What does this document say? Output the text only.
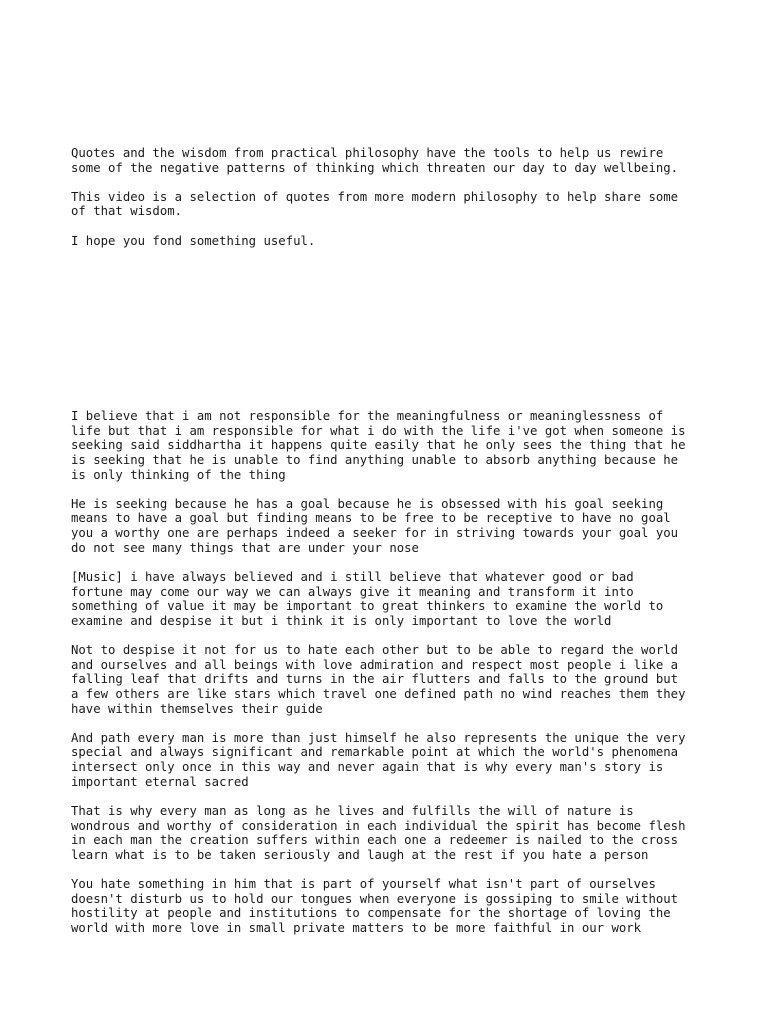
Quotes and the wisdom from practical philosophy have the tools to help us rewire

some of the negative patterns of thinking which threaten our day to day wellbeing.

This video is a selection of quotes from more modern philosophy to help share some

of that wisdom.

I hope you fond something useful.

I believe that i am not responsible for the meaningfulness or meaninglessness of

life but that i am responsible for what i do with the life i've got when someone is

seeking said siddhartha it happens quite easily that he only sees the thing that he

is seeking that he is unable to find anything unable to absorb anything because he

is only thinking of the thing

He is seeking because he has a goal because he is obsessed with his goal seeking

means to have a goal but finding means to be free to be receptive to have no goal

you a worthy one are perhaps indeed a seeker for in striving towards your goal you

do not see many things that are under your nose

[Music] i have always believed and i still believe that whatever good or bad

fortune may come our way we can always give it meaning and transform it into

something of value it may be important to great thinkers to examine the world to

examine and despise it but i think it is only important to love the world

Not to despise it not for us to hate each other but to be able to regard the world

and ourselves and all beings with love admiration and respect most people i like a

falling leaf that drifts and turns in the air flutters and falls to the ground but

a few others are like stars which travel one defined path no wind reaches them they

have within themselves their guide

And path every man is more than just himself he also represents the unique the very

special and always significant and remarkable point at which the world's phenomena

intersect only once in this way and never again that is why every man's story is

important eternal sacred

That is why every man as long as he lives and fulfills the will of nature is

wondrous and worthy of consideration in each individual the spirit has become flesh

in each man the creation suffers within each one a redeemer is nailed to the cross

learn what is to be taken seriously and laugh at the rest if you hate a person

You hate something in him that is part of yourself what isn't part of ourselves

doesn't disturb us to hold our tongues when everyone is gossiping to smile without

hostility at people and institutions to compensate for the shortage of loving the

world with more love in small private matters to be more faithful in our work
